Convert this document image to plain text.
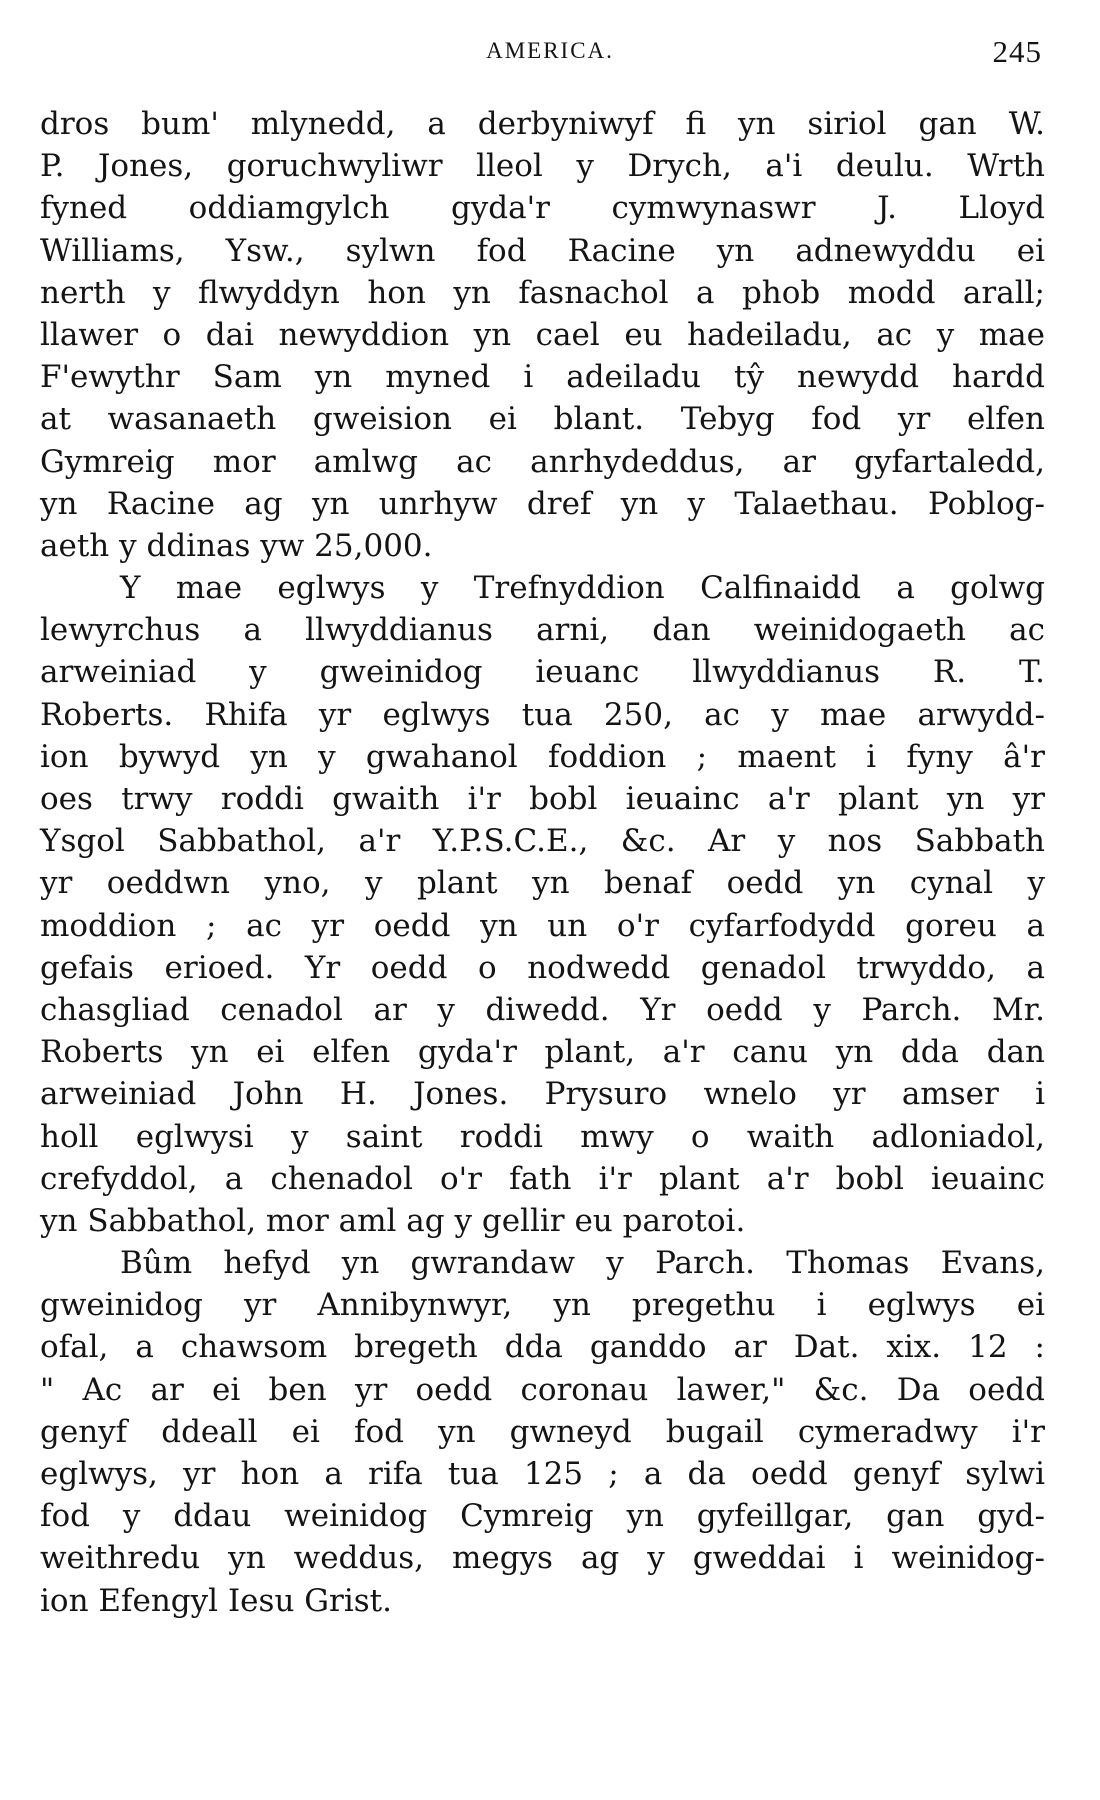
AMERICA.	245
dros bum' mlynedd, a derbyniwyf fi yn siriol gan W.
P. Jones, goruchwyliwr lleol y Drych, a'i deulu. Wrth
fyned oddiamgylch gyda'r cymwynaswr J. Lloyd
Williams, Ysw., sylwn fod Racine yn adnewyddu ei
nerth y flwyddyn hon yn fasnachol a phob modd arall;
llawer o dai newyddion yn cael eu hadeiladu, ac y mae
F'ewythr Sam yn myned i adeiladu tŷ newydd hardd
at wasanaeth gweision ei blant. Tebyg fod yr elfen
Gymreig mor amlwg ac anrhydeddus, ar gyfartaledd,
yn Racine ag yn unrhyw dref yn y Talaethau. Poblog-
aeth y ddinas yw 25,000.
Y mae eglwys y Trefnyddion Calfinaidd a golwg
lewyrchus a llwyddianus arni, dan weinidogaeth ac
arweiniad y gweinidog ieuanc llwyddianus R. T.
Roberts. Rhifa yr eglwys tua 250, ac y mae arwydd-
ion bywyd yn y gwahanol foddion ; maent i fyny â'r
oes trwy roddi gwaith i'r bobl ieuainc a'r plant yn yr
Ysgol Sabbathol, a'r Y.P.S.C.E., &c. Ar y nos Sabbath
yr oeddwn yno, y plant yn benaf oedd yn cynal y
moddion ; ac yr oedd yn un o'r cyfarfodydd goreu a
gefais erioed. Yr oedd o nodwedd genadol trwyddo, a
chasgliad cenadol ar y diwedd. Yr oedd y Parch. Mr.
Roberts yn ei elfen gyda'r plant, a'r canu yn dda dan
arweiniad John H. Jones. Prysuro wnelo yr amser i
holl eglwysi y saint roddi mwy o waith adloniadol,
crefyddol, a chenadol o'r fath i'r plant a'r bobl ieuainc
yn Sabbathol, mor aml ag y gellir eu parotoi.
Bûm hefyd yn gwrandaw y Parch. Thomas Evans,
gweinidog yr Annibynwyr, yn pregethu i eglwys ei
ofal, a chawsom bregeth dda ganddo ar Dat. xix. 12 :
" Ac ar ei ben yr oedd coronau lawer," &c. Da oedd
genyf ddeall ei fod yn gwneyd bugail cymeradwy i'r
eglwys, yr hon a rifa tua 125 ; a da oedd genyf sylwi
fod y ddau weinidog Cymreig yn gyfeillgar, gan gyd-
weithredu yn weddus, megys ag y gweddai i weinidog-
ion Efengyl Iesu Grist.
